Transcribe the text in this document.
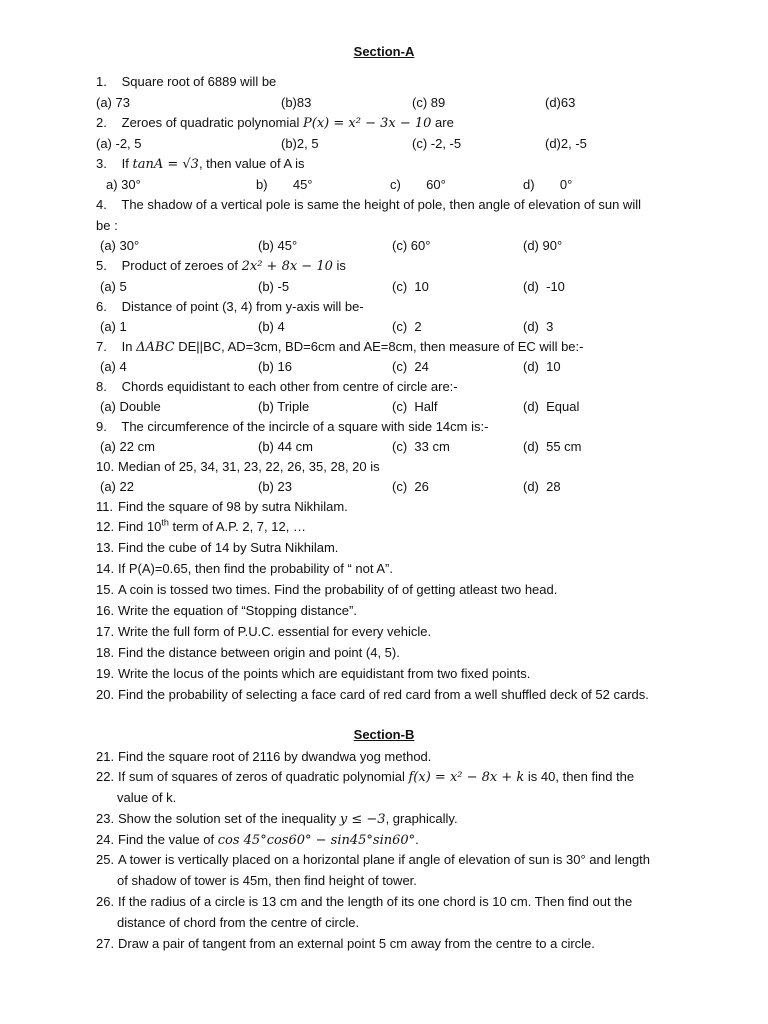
Section-A
1. Square root of 6889 will be
(a) 73	(b)83	(c) 89	(d)63
2. Zeroes of quadratic polynomial P(x) = x² − 3x − 10 are
(a) -2, 5	(b)2, 5	(c) -2, -5	(d)2, -5
3. If tanA = √3, then value of A is
a) 30°	b)       45°	c)       60°	d)       0°
4. The shadow of a vertical pole is same the height of pole, then angle of elevation of sun will
be :
(a) 30°	(b) 45°	(c) 60°	(d) 90°
5. Product of zeroes of 2x² + 8x − 10 is
(a) 5	(b) -5	(c)  10	(d)  -10
6. Distance of point (3, 4) from y-axis will be-
(a) 1	(b) 4	(c)  2	(d)  3
7. In ΔABC DE||BC, AD=3cm, BD=6cm and AE=8cm, then measure of EC will be:-
(a) 4	(b) 16	(c)  24	(d)  10
8. Chords equidistant to each other from centre of circle are:-
(a) Double	(b) Triple	(c)  Half	(d)  Equal
9. The circumference of the incircle of a square with side 14cm is:-
(a) 22 cm	(b) 44 cm	(c)  33 cm	(d)  55 cm
10. Median of 25, 34, 31, 23, 22, 26, 35, 28, 20 is
(a) 22	(b) 23	(c)  26	(d)  28
11. Find the square of 98 by sutra Nikhilam.
12. Find 10th term of A.P. 2, 7, 12, …
13. Find the cube of 14 by Sutra Nikhilam.
14. If P(A)=0.65, then find the probability of “ not A”.
15. A coin is tossed two times. Find the probability of of getting atleast two head.
16. Write the equation of “Stopping distance”.
17. Write the full form of P.U.C. essential for every vehicle.
18. Find the distance between origin and point (4, 5).
19. Write the locus of the points which are equidistant from two fixed points.
20. Find the probability of selecting a face card of red card from a well shuffled deck of 52 cards.
Section-B
21. Find the square root of 2116 by dwandwa yog method.
22. If sum of squares of zeros of quadratic polynomial f(x) = x² − 8x + k is 40, then find the
value of k.
23. Show the solution set of the inequality y ≤ −3, graphically.
24. Find the value of cos 45°cos60° − sin45°sin60°.
25. A tower is vertically placed on a horizontal plane if angle of elevation of sun is 30° and length
of shadow of tower is 45m, then find height of tower.
26. If the radius of a circle is 13 cm and the length of its one chord is 10 cm. Then find out the
distance of chord from the centre of circle.
27. Draw a pair of tangent from an external point 5 cm away from the centre to a circle.
